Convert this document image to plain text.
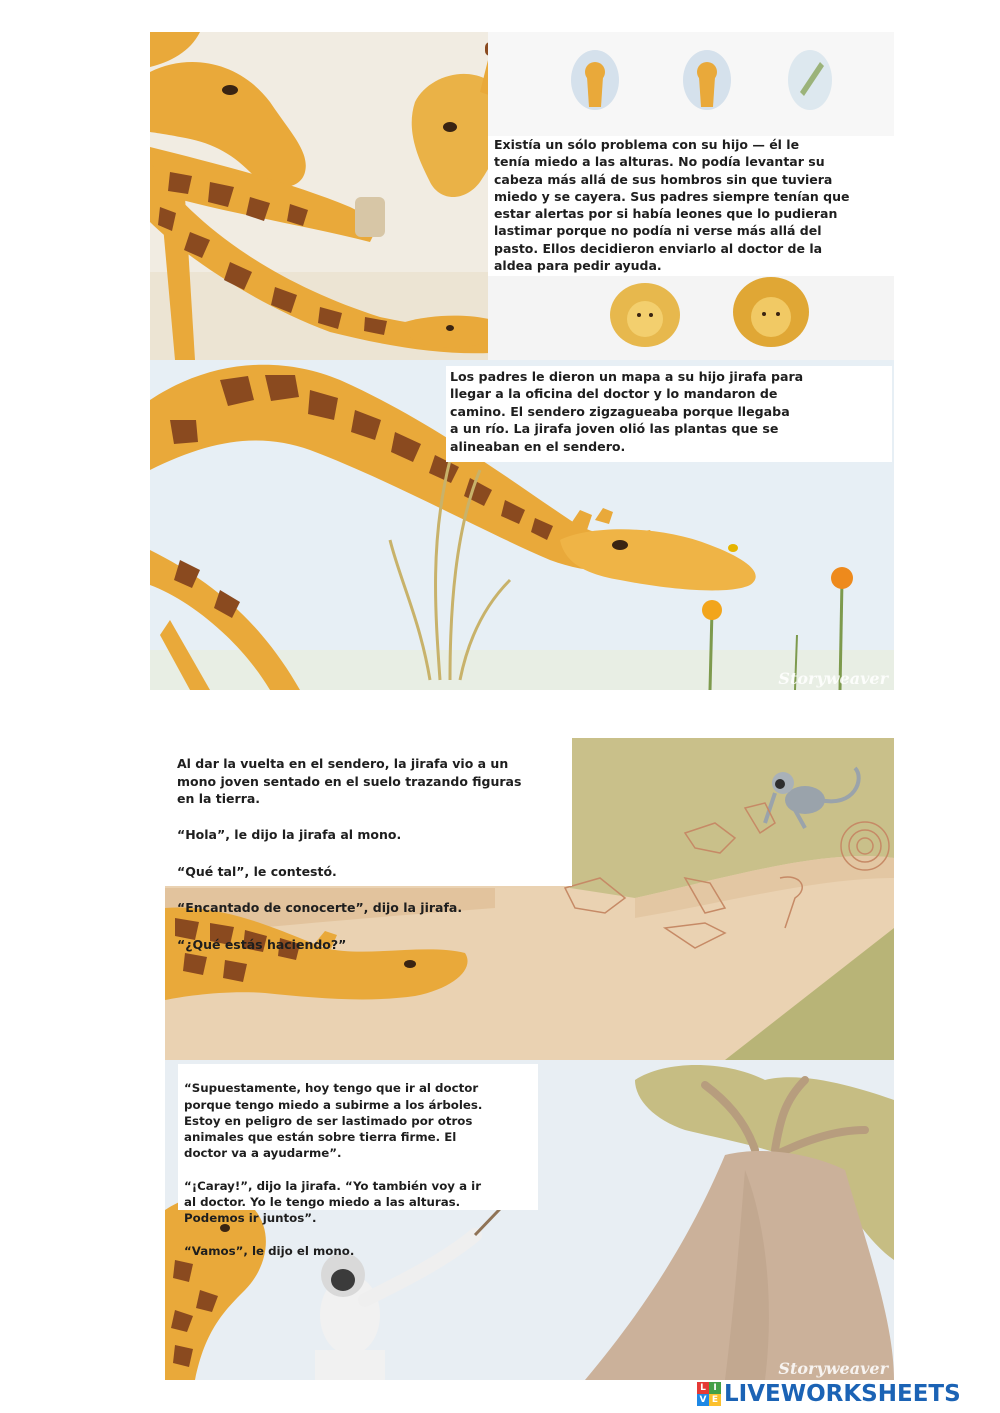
Existía un sólo problema con su hijo — él le
tenía miedo a las alturas. No podía levantar su
cabeza más allá de sus hombros sin que tuviera
miedo y se cayera. Sus padres siempre tenían que
estar alertas por si había leones que lo pudieran
lastimar porque no podía ni verse más allá del
pasto. Ellos decidieron enviarlo al doctor de la
aldea para pedir ayuda.
Storyweaver
Los padres le dieron un mapa a su hijo jirafa para
llegar a la oficina del doctor y lo mandaron de
camino. El sendero zigzagueaba porque llegaba
a un río. La jirafa joven olió las plantas que se
alineaban en el sendero.

Al dar la vuelta en el sendero, la jirafa vio a un
mono joven sentado en el suelo trazando figuras
en la tierra.

“Hola”, le dijo la jirafa al mono.

“Qué tal”, le contestó.

“Encantado de conocerte”, dijo la jirafa.

“¿Qué estás haciendo?”

Storyweaver

“Supuestamente, hoy tengo que ir al doctor
porque tengo miedo a subirme a los árboles.
Estoy en peligro de ser lastimado por otros
animales que están sobre tierra firme. El
doctor va a ayudarme”.

“¡Caray!”, dijo la jirafa. “Yo también voy a ir
al doctor. Yo le tengo miedo a las alturas.
Podemos ir juntos”.

“Vamos”, le dijo el mono.

L I
V E LIVEWORKSHEETS
